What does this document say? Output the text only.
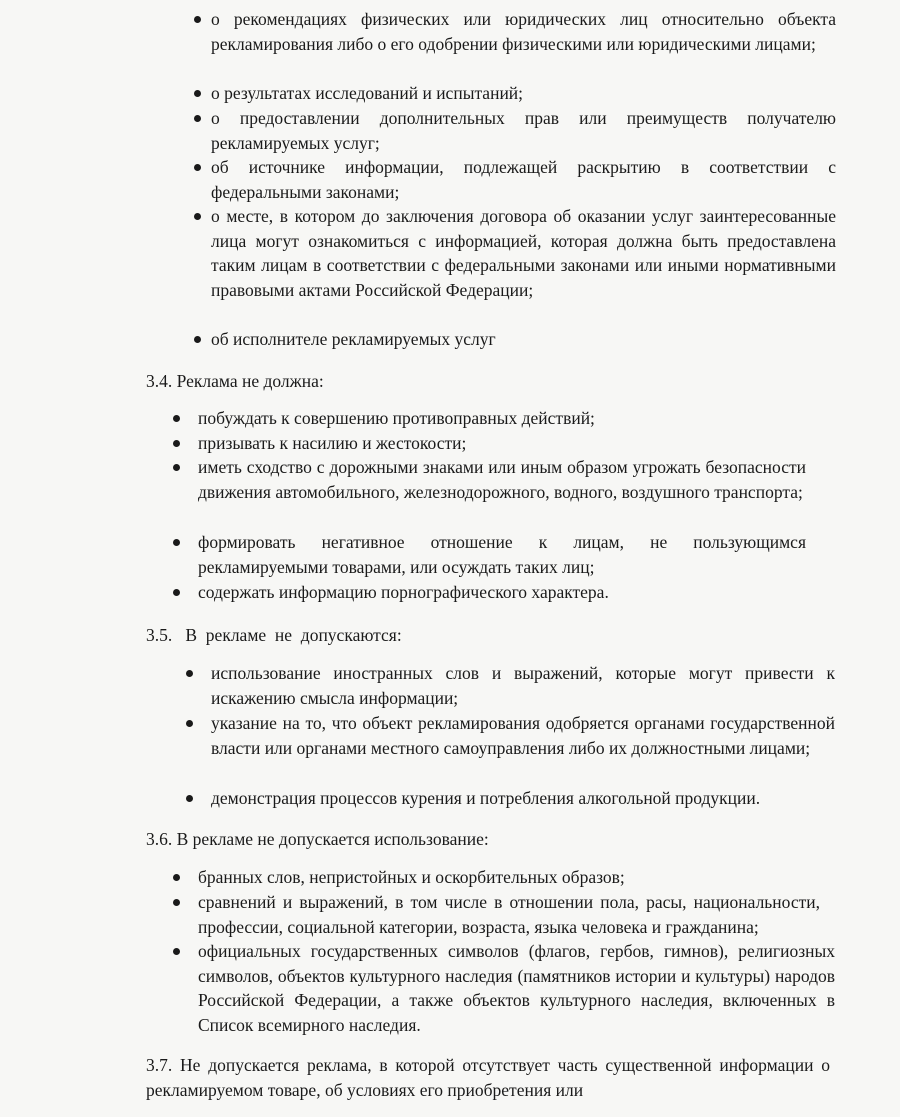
о рекомендациях физических или юридических лиц относительно объекта рекламирования либо о его одобрении физическими или юридическими лицами;
о результатах исследований и испытаний;
о предоставлении дополнительных прав или преимуществ получателю рекламируемых услуг;
об источнике информации, подлежащей раскрытию в соответствии с федеральными законами;
о месте, в котором до заключения договора об оказании услуг заинтересованные лица могут ознакомиться с информацией, которая должна быть предоставлена таким лицам в соответствии с федеральными законами или иными нормативными правовыми актами Российской Федерации;
об исполнителе рекламируемых услуг
3.4. Реклама не должна:
побуждать к совершению противоправных действий;
призывать к насилию и жестокости;
иметь сходство с дорожными знаками или иным образом угрожать безопасности движения автомобильного, железнодорожного, водного, воздушного транспорта;
формировать негативное отношение к лицам, не пользующимся рекламируемыми товарами, или осуждать таких лиц;
содержать информацию порнографического характера.
3.5.   В  рекламе  не  допускаются:
использование иностранных слов и выражений, которые могут привести к искажению смысла информации;
указание на то, что объект рекламирования одобряется органами государственной власти или органами местного самоуправления либо их должностными лицами;
демонстрация процессов курения и потребления алкогольной продукции.
3.6. В рекламе не допускается использование:
бранных слов, непристойных и оскорбительных образов;
сравнений и выражений, в том числе в отношении пола, расы, национальности, профессии, социальной категории, возраста, языка человека и гражданина;
официальных государственных символов (флагов, гербов, гимнов), религиозных символов, объектов культурного наследия (памятников истории и культуры) народов Российской Федерации, а также объектов культурного наследия, включенных в Список всемирного наследия.
3.7. Не допускается реклама, в которой отсутствует часть существенной информации о рекламируемом товаре, об условиях его приобретения или
